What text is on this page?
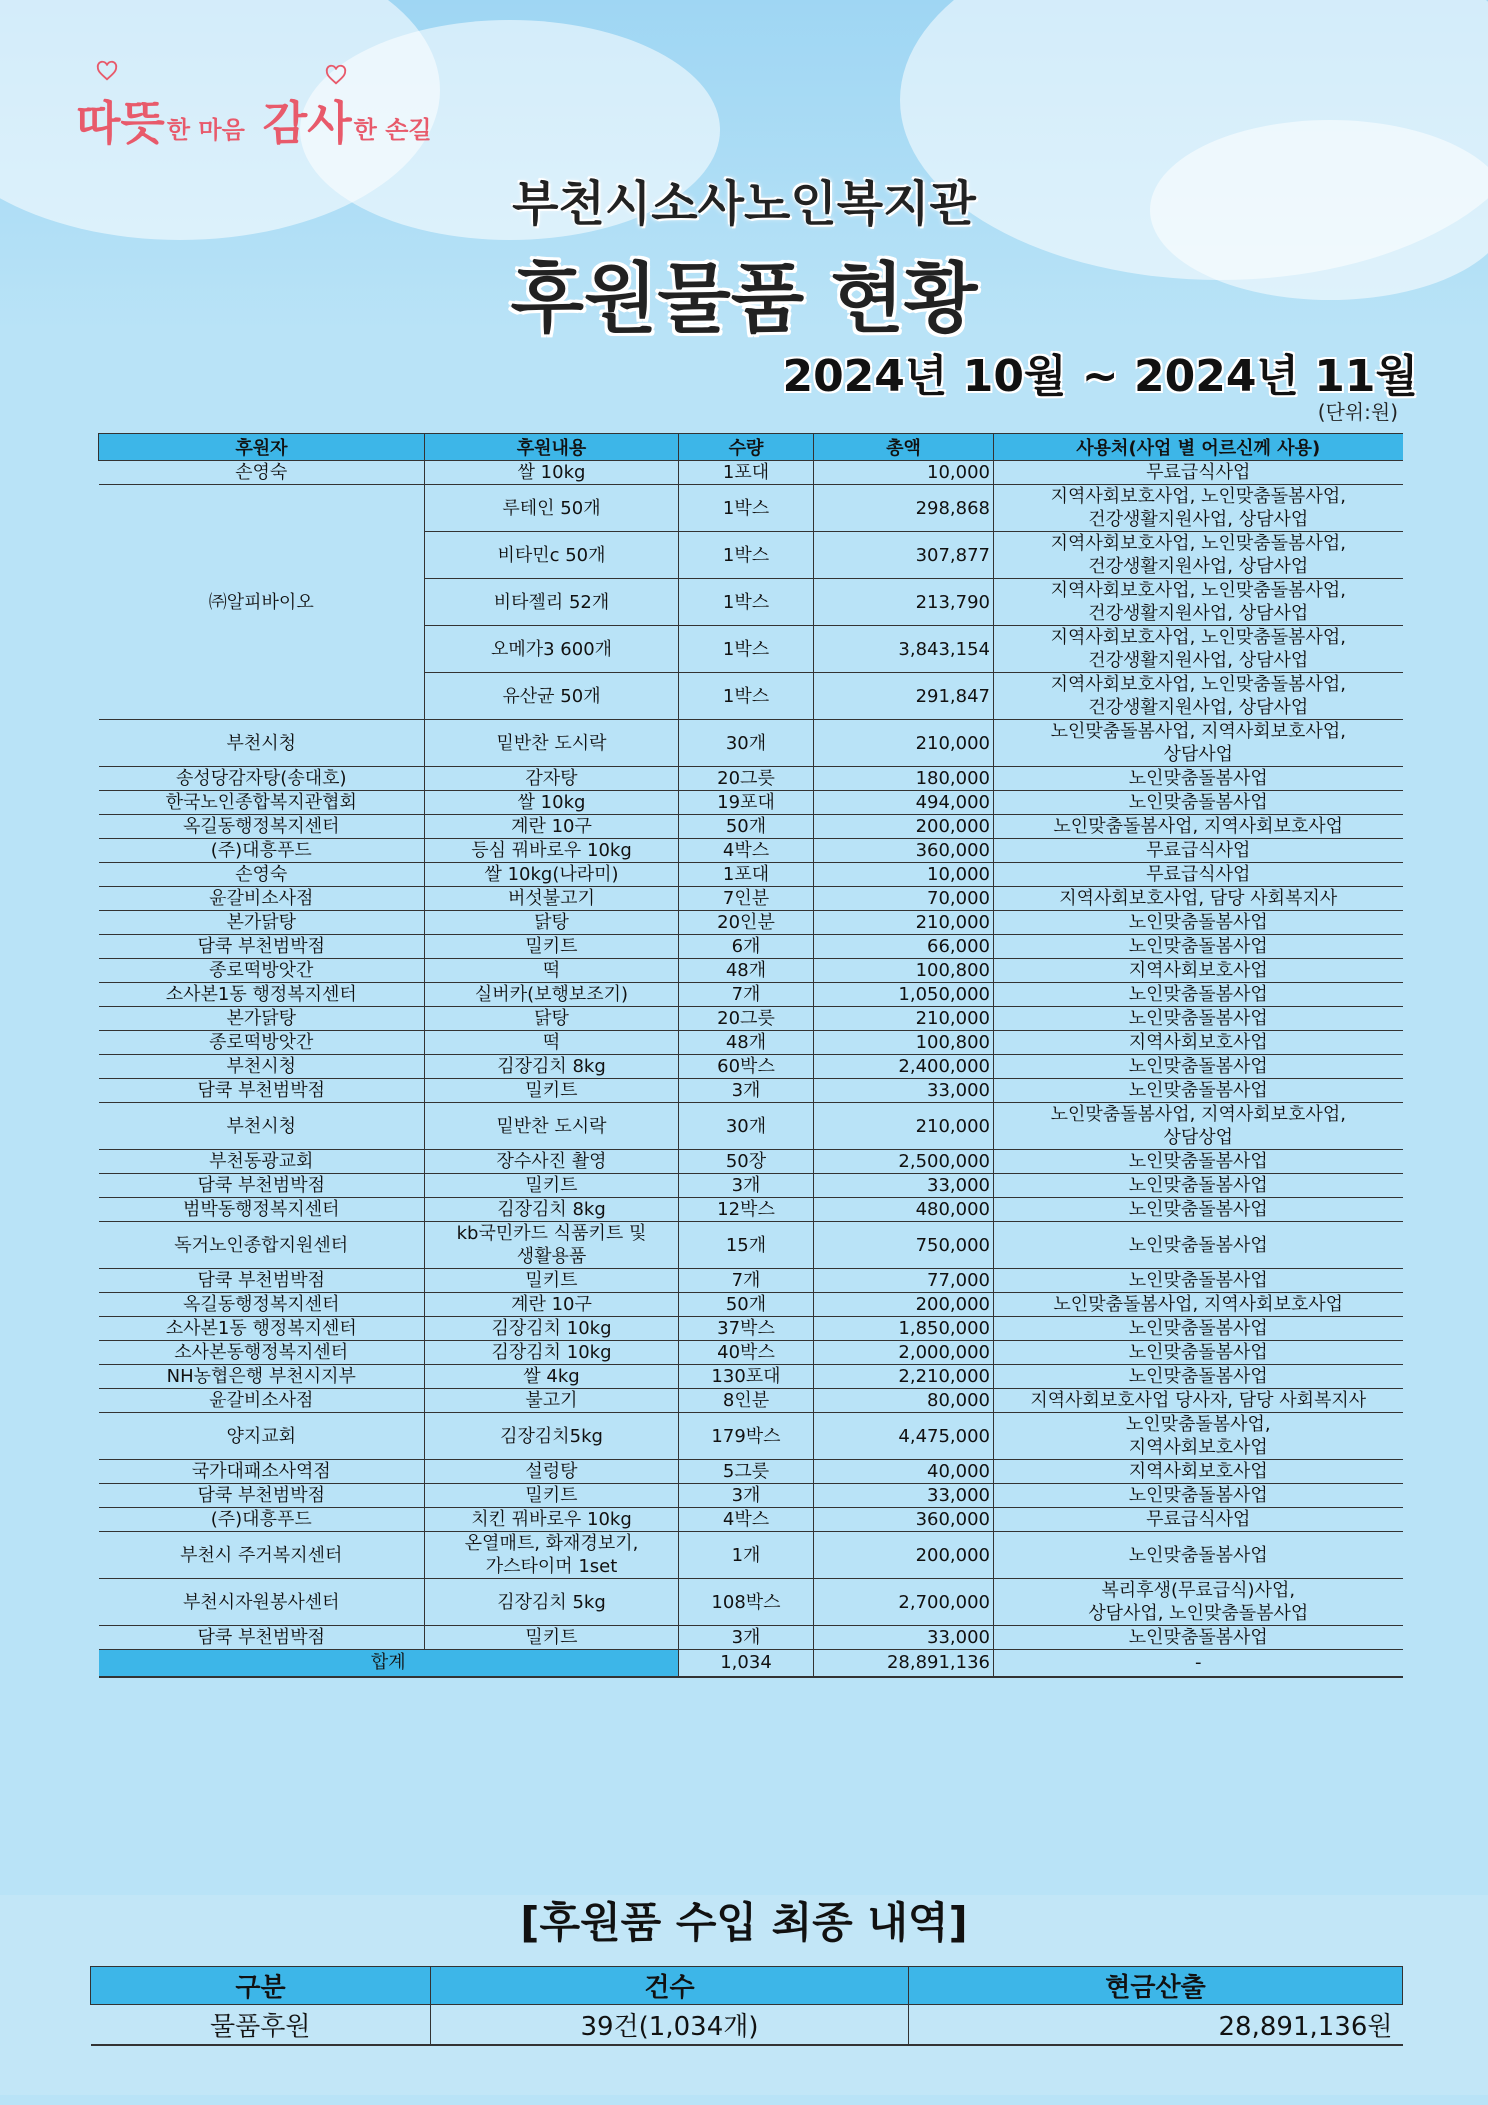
따뜻 한 마음 감사 한 손길
부천시소사노인복지관
후원물품 현황
2024년 10월 ~ 2024년 11월
(단위:원)
후원자	후원내용	수량	총액	사용처(사업 별 어르신께 사용)
손영숙	쌀 10kg	1포대	10,000	무료급식사업

㈜알피바이오	루테인 50개	1박스	298,868	지역사회보호사업, 노인맞춤돌봄사업,
건강생활지원사업, 상담사업

	비타민c 50개	1박스	307,877	지역사회보호사업, 노인맞춤돌봄사업,
건강생활지원사업, 상담사업

	비타젤리 52개	1박스	213,790	지역사회보호사업, 노인맞춤돌봄사업,
건강생활지원사업, 상담사업

	오메가3 600개	1박스	3,843,154	지역사회보호사업, 노인맞춤돌봄사업,
건강생활지원사업, 상담사업

	유산균 50개	1박스	291,847	지역사회보호사업, 노인맞춤돌봄사업,
건강생활지원사업, 상담사업

부천시청	밑반찬 도시락	30개	210,000	노인맞춤돌봄사업, 지역사회보호사업,
상담사업

송성당감자탕(송대호)	감자탕	20그릇	180,000	노인맞춤돌봄사업

한국노인종합복지관협회	쌀 10kg	19포대	494,000	노인맞춤돌봄사업

옥길동행정복지센터	계란 10구	50개	200,000	노인맞춤돌봄사업, 지역사회보호사업

(주)대흥푸드	등심 꿔바로우 10kg	4박스	360,000	무료급식사업

손영숙	쌀 10kg(나라미)	1포대	10,000	무료급식사업

윤갈비소사점	버섯불고기	7인분	70,000	지역사회보호사업, 담당 사회복지사

본가닭탕	닭탕	20인분	210,000	노인맞춤돌봄사업

담쿡 부천범박점	밀키트	6개	66,000	노인맞춤돌봄사업

종로떡방앗간	떡	48개	100,800	지역사회보호사업

소사본1동 행정복지센터	실버카(보행보조기)	7개	1,050,000	노인맞춤돌봄사업

본가닭탕	닭탕	20그릇	210,000	노인맞춤돌봄사업

종로떡방앗간	떡	48개	100,800	지역사회보호사업

부천시청	김장김치 8kg	60박스	2,400,000	노인맞춤돌봄사업

담쿡 부천범박점	밀키트	3개	33,000	노인맞춤돌봄사업

부천시청	밑반찬 도시락	30개	210,000	노인맞춤돌봄사업, 지역사회보호사업,
상담상업

부천동광교회	장수사진 촬영	50장	2,500,000	노인맞춤돌봄사업

담쿡 부천범박점	밀키트	3개	33,000	노인맞춤돌봄사업

범박동행정복지센터	김장김치 8kg	12박스	480,000	노인맞춤돌봄사업

독거노인종합지원센터	kb국민카드 식품키트 및
생활용품	15개	750,000	노인맞춤돌봄사업

담쿡 부천범박점	밀키트	7개	77,000	노인맞춤돌봄사업

옥길동행정복지센터	계란 10구	50개	200,000	노인맞춤돌봄사업, 지역사회보호사업

소사본1동 행정복지센터	김장김치 10kg	37박스	1,850,000	노인맞춤돌봄사업

소사본동행정복지센터	김장김치 10kg	40박스	2,000,000	노인맞춤돌봄사업

NH농협은행 부천시지부	쌀 4kg	130포대	2,210,000	노인맞춤돌봄사업

윤갈비소사점	불고기	8인분	80,000	지역사회보호사업 당사자, 담당 사회복지사

양지교회	김장김치5kg	179박스	4,475,000	노인맞춤돌봄사업,
지역사회보호사업

국가대패소사역점	설렁탕	5그릇	40,000	지역사회보호사업

담쿡 부천범박점	밀키트	3개	33,000	노인맞춤돌봄사업

(주)대흥푸드	치킨 꿔바로우 10kg	4박스	360,000	무료급식사업

부천시 주거복지센터	온열매트, 화재경보기,
가스타이머 1set	1개	200,000	노인맞춤돌봄사업

부천시자원봉사센터	김장김치 5kg	108박스	2,700,000	복리후생(무료급식)사업,
상담사업, 노인맞춤돌봄사업

담쿡 부천범박점	밀키트	3개	33,000	노인맞춤돌봄사업

합계		1,034	28,891,136	-
[후원품 수입 최종 내역]
구분	건수	현금산출
물품후원	39건(1,034개)	28,891,136원
